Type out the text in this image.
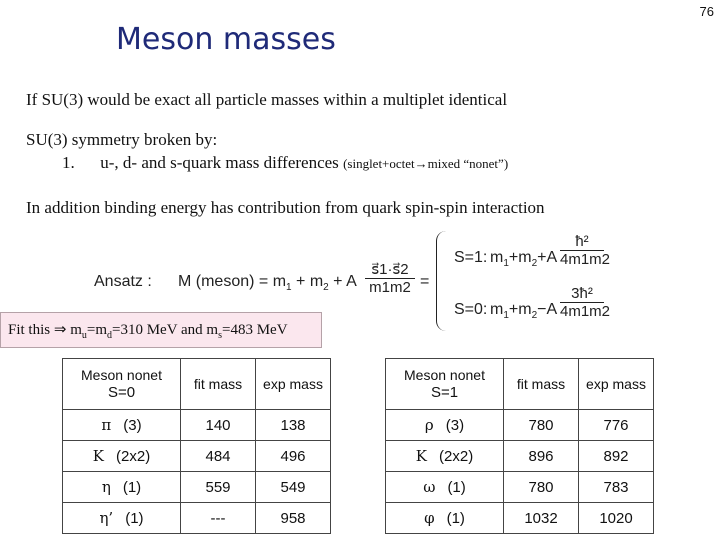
76
Meson masses
If SU(3) would be exact all particle masses within a multiplet identical
SU(3) symmetry broken by:
1. u-, d- and s-quark mass differences (singlet+octet→mixed “nonet”)
In addition binding energy has contribution from quark spin-spin interaction
Ansatz : M (meson) = $m_1 + m_2 + A \frac{s⃗1\cdot s⃗2}{m1m2}$ =
S=1: $m_1+m_2+A \frac{\text{ħ²}}{4m1m2}$
S=0: $m_1+m_2-A \frac{\text{3ħ²}}{4m1m2}$
Fit this ⇒ $m_u=m_d=310$ MeV and $m_s=483$ MeV
Meson nonet
S=0	fit mass	exp mass
π (3)	140	138
K (2x2)	484	496
η (1)	559	549
η’ (1)	---	958
Meson nonet
S=1	fit mass	exp mass
ρ (3)	780	776
K (2x2)	896	892
ω (1)	780	783
φ (1)	1032	1020
